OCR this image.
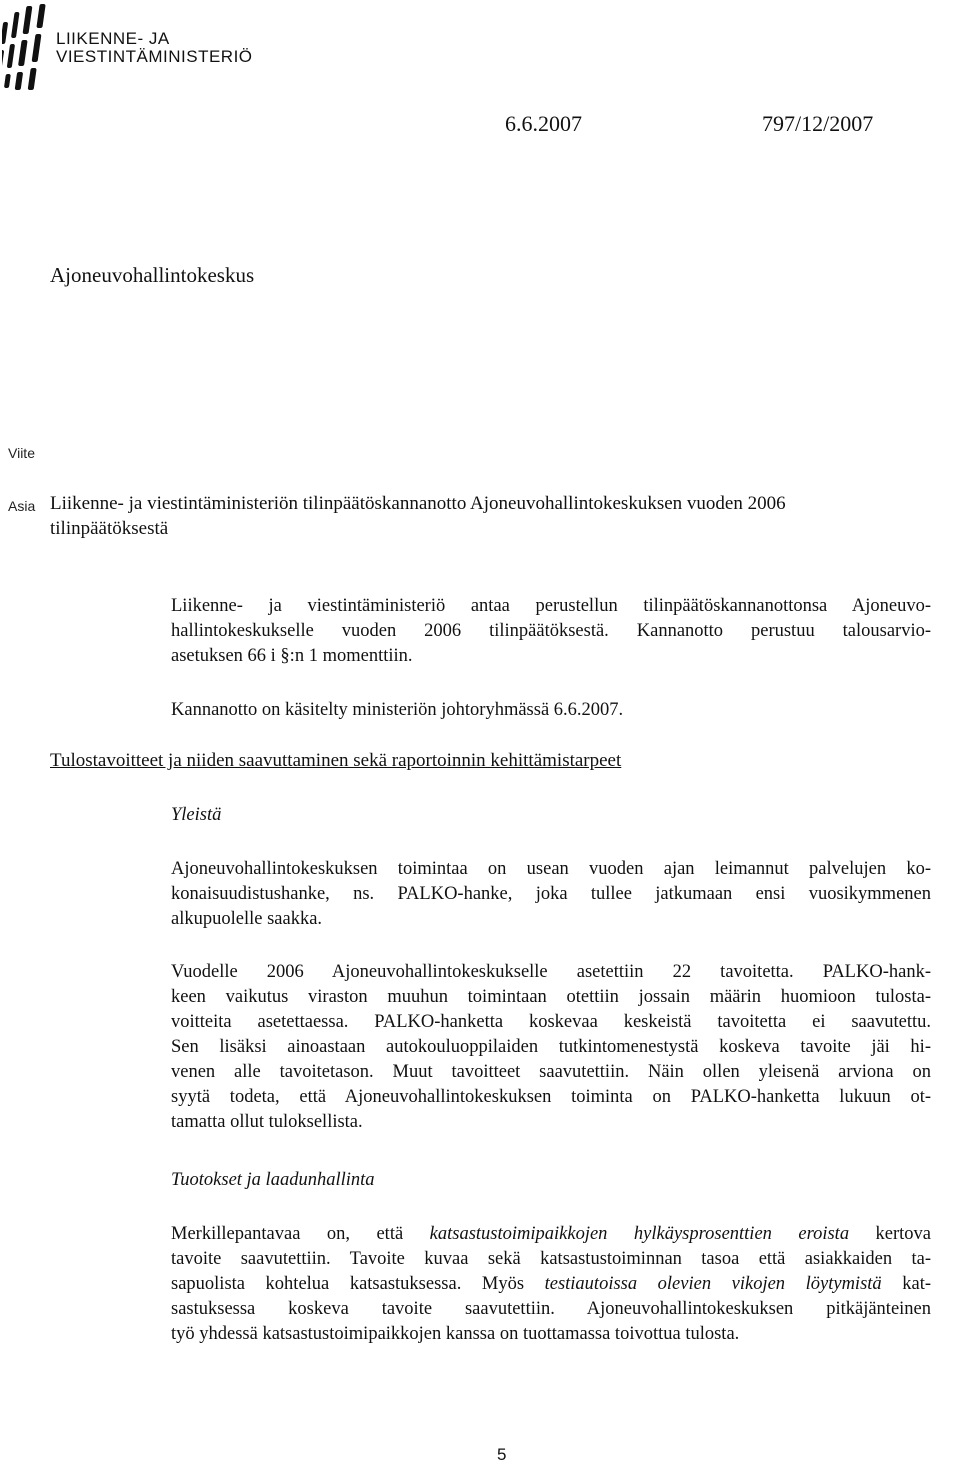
LIIKENNE- JA
VIESTINTÄMINISTERIÖ
6.6.2007	797/12/2007
Ajoneuvohallintokeskus
Viite
Asia Liikenne- ja viestintäministeriön tilinpäätöskannanotto Ajoneuvohallintokeskuksen vuoden 2006
tilinpäätöksestä
Liikenne- ja viestintäministeriö antaa perustellun tilinpäätöskannanottonsa Ajoneuvo-
hallintokeskukselle vuoden 2006 tilinpäätöksestä. Kannanotto perustuu talousarvio-
asetuksen 66 i §:n 1 momenttiin.
Kannanotto on käsitelty ministeriön johtoryhmässä 6.6.2007.
Tulostavoitteet ja niiden saavuttaminen sekä raportoinnin kehittämistarpeet
Yleistä
Ajoneuvohallintokeskuksen toimintaa on usean vuoden ajan leimannut palvelujen ko-
konaisuudistushanke, ns. PALKO-hanke, joka tullee jatkumaan ensi vuosikymmenen
alkupuolelle saakka.
Vuodelle 2006 Ajoneuvohallintokeskukselle asetettiin 22 tavoitetta. PALKO-hank-
keen vaikutus viraston muuhun toimintaan otettiin jossain määrin huomioon tulosta-
voitteita asetettaessa. PALKO-hanketta koskevaa keskeistä tavoitetta ei saavutettu.
Sen lisäksi ainoastaan autokouluoppilaiden tutkintomenestystä koskeva tavoite jäi hi-
venen alle tavoitetason. Muut tavoitteet saavutettiin. Näin ollen yleisenä arviona on
syytä todeta, että Ajoneuvohallintokeskuksen toiminta on PALKO-hanketta lukuun ot-
tamatta ollut tuloksellista.
Tuotokset ja laadunhallinta
Merkillepantavaa on, että katsastustoimipaikkojen hylkäysprosenttien eroista kertova
tavoite saavutettiin. Tavoite kuvaa sekä katsastustoiminnan tasoa että asiakkaiden ta-
sapuolista kohtelua katsastuksessa. Myös testiautoissa olevien vikojen löytymistä kat-
sastuksessa koskeva tavoite saavutettiin. Ajoneuvohallintokeskuksen pitkäjänteinen
työ yhdessä katsastustoimipaikkojen kanssa on tuottamassa toivottua tulosta.
5
